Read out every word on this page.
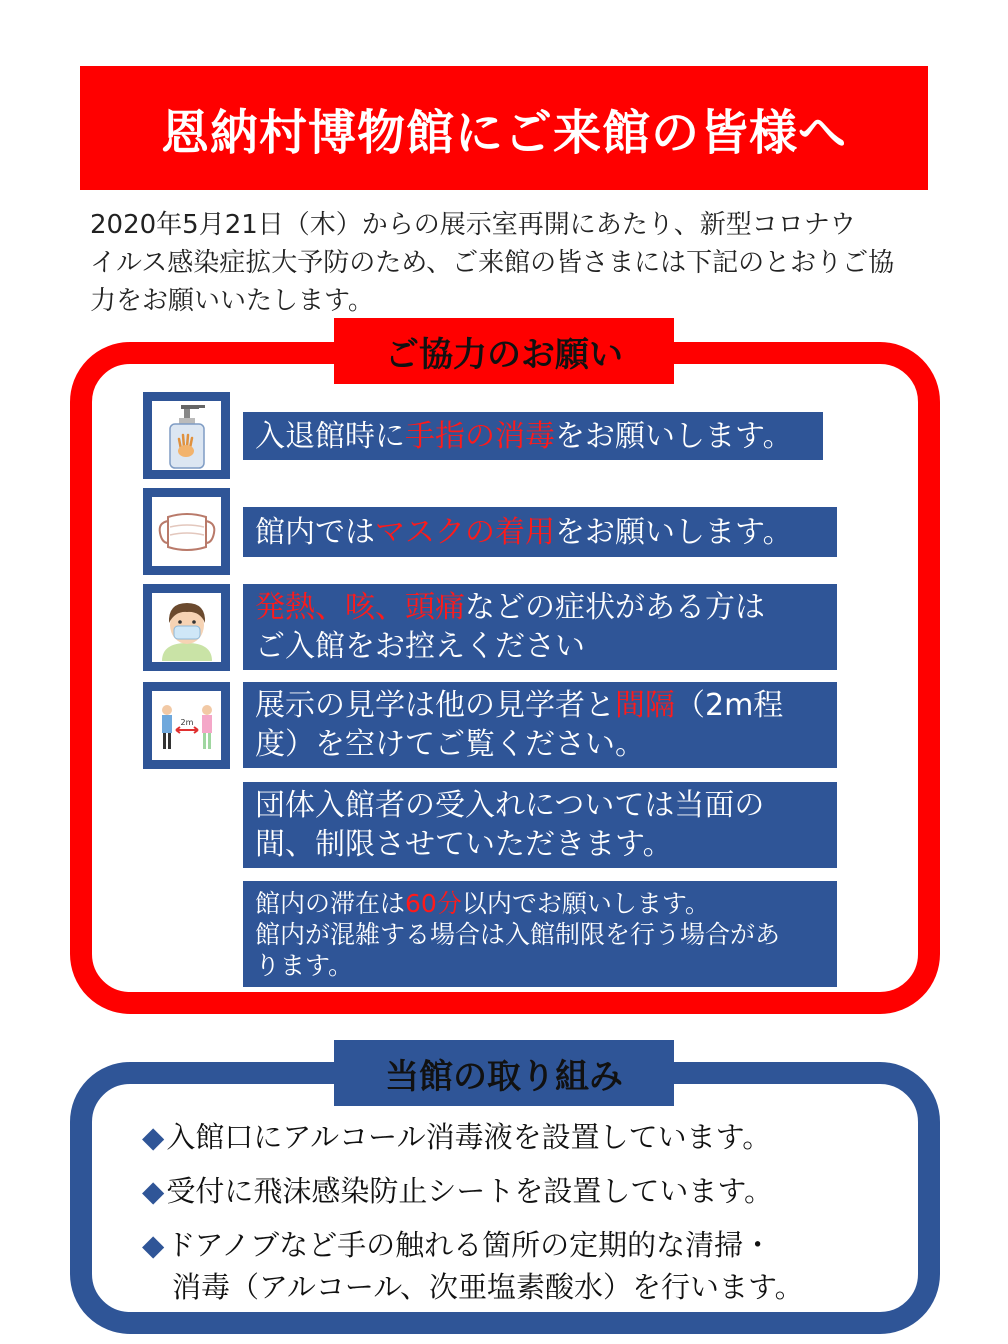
恩納村博物館にご来館の皆様へ
2020年5月21日（木）からの展示室再開にあたり、新型コロナウ
イルス感染症拡大予防のため、ご来館の皆さまには下記のとおりご協
力をお願いいたします。
ご協力のお願い
入退館時に手指の消毒をお願いします。
館内ではマスクの着用をお願いします。
発熱、咳、頭痛などの症状がある方は
ご入館をお控えください
2m 展示の見学は他の見学者と間隔（2m程
度）を空けてご覧ください。
団体入館者の受入れについては当面の
間、制限させていただきます。
館内の滞在は60分以内でお願いします。
館内が混雑する場合は入館制限を行う場合があ
ります。
当館の取り組み
◆入館口にアルコール消毒液を設置しています。
◆受付に飛沫感染防止シートを設置しています。
◆ドアノブなど手の触れる箇所の定期的な清掃・
消毒（アルコール、次亜塩素酸水）を行います。
